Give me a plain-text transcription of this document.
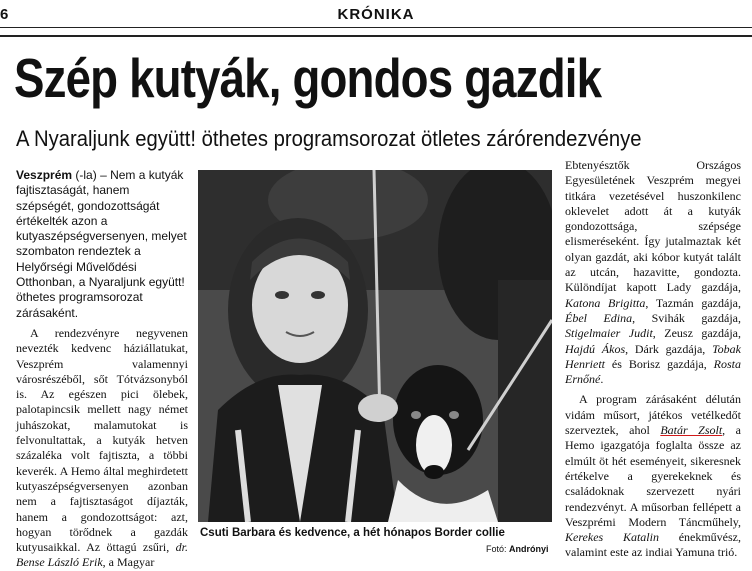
6	KRÓNIKA
Szép kutyák, gondos gazdik
A Nyaraljunk együtt! öthetes programsorozat ötletes zárórendezvénye

Veszprém (-la) – Nem a kutyák fajtisztaságát, hanem szépségét, gondozottságát értékelték azon a kutyaszépségversenyen, melyet szombaton rendeztek a Helyőrségi Művelődési Otthonban, a Nyaraljunk együtt! öthetes programsorozat zárásaként.

A rendezvényre negyvenen nevezték kedvenc háziállatukat, Veszprém valamennyi városrészéből, sőt Tótvázsonyból is. Az egészen pici ölebek, palotapincsik mellett nagy német juhászokat, malamutokat is felvonultattak, a kutyák hetven százaléka volt fajtiszta, a többi keverék. A Hemo által meghirdetett kutyaszépségversenyen azonban nem a fajtisztaságot díjazták, hanem a gondozottságot: azt, hogyan törődnek a gazdák kutyusaikkal. Az öttagú zsűri, dr. Bense László Erik, a Magyar

Csuti Barbara és kedvence, a hét hónapos Border collie
Fotó: Andrónyi

Ebtenyésztők Országos Egyesületének Veszprém megyei titkára vezetésével huszonkilenc oklevelet adott át a kutyák gondozottsága, szépsége elismeréseként. Így jutalmaztak két olyan gazdát, aki kóbor kutyát talált az utcán, hazavitte, gondozta. Különdíjat kapott Lady gazdája, Katona Brigitta, Tazmán gazdája, Ébel Edina, Svihák gazdája, Stigelmaier Judit, Zeusz gazdája, Hajdú Ákos, Dárk gazdája, Tobak Henriett és Borisz gazdája, Rosta Ernőné.

A program zárásaként délután vidám műsort, játékos vetélkedőt szerveztek, ahol Batár Zsolt, a Hemo igazgatója foglalta össze az elmúlt öt hét eseményeit, sikeresnek értékelve a gyerekeknek és családoknak szervezett nyári rendezvényt. A műsorban fellépett a Veszprémi Modern Táncműhely, Kerekes Katalin énekművész, valamint este az indiai Yamuna trió.
